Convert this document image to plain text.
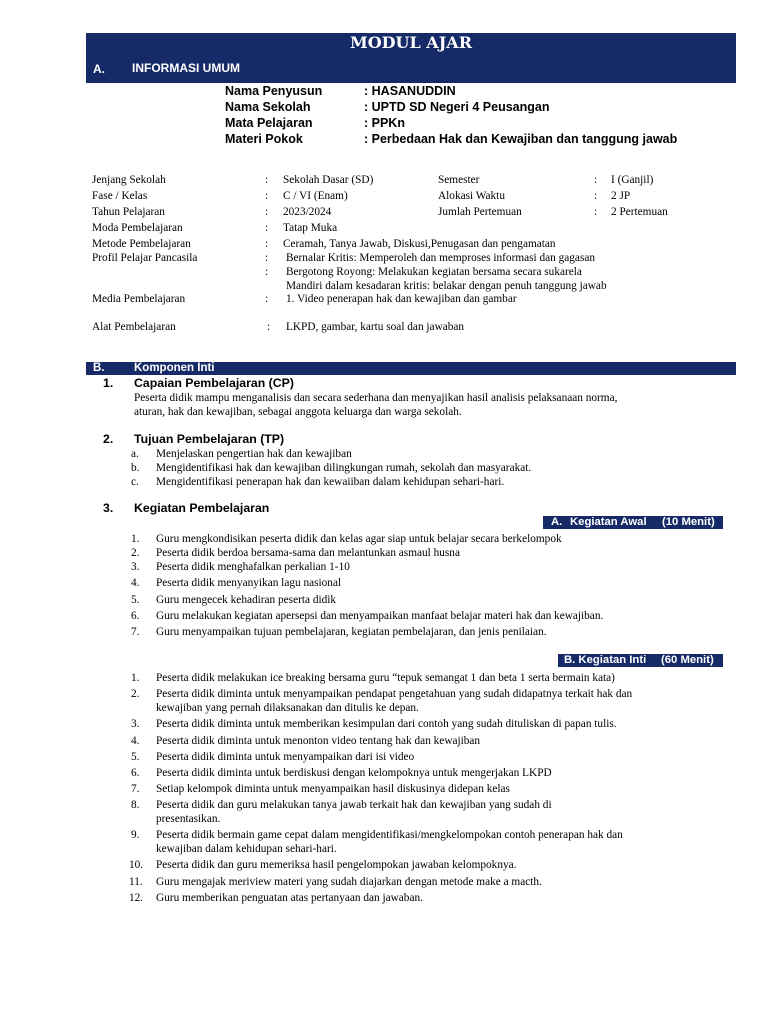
MODUL AJAR
A. INFORMASI UMUM
Nama Penyusun	: HASANUDDIN
Nama Sekolah	: UPTD SD Negeri 4 Peusangan
Mata Pelajaran	: PPKn
Materi Pokok	: Perbedaan Hak dan Kewajiban dan tanggung jawab
Jenjang Sekolah	: Sekolah Dasar (SD)	Semester	: I (Ganjil)
Fase / Kelas	: C / VI (Enam)	Alokasi Waktu	: 2 JP
Tahun Pelajaran	: 2023/2024	Jumlah Pertemuan	: 2 Pertemuan
Moda Pembelajaran	: Tatap Muka
Metode Pembelajaran	: Ceramah, Tanya Jawab, Diskusi,Penugasan dan pengamatan
Profil Pelajar Pancasila	: Bernalar Kritis: Memperoleh dan memproses informasi dan gagasan
: Bergotong Royong: Melakukan kegiatan bersama secara sukarela
Mandiri dalam kesadaran kritis: belakar dengan penuh tanggung jawab
Media Pembelajaran	: 1. Video penerapan hak dan kewajiban dan gambar
Alat Pembelajaran	: LKPD, gambar, kartu soal dan jawaban
B.	Komponen Inti
1. Capaian Pembelajaran (CP)
Peserta didik mampu menganalisis dan secara sederhana dan menyajikan hasil analisis pelaksanaan norma,
aturan, hak dan kewajiban, sebagai anggota keluarga dan warga sekolah.
2. Tujuan Pembelajaran (TP)
a.	Menjelaskan pengertian hak dan kewajiban
b.	Mengidentifikasi hak dan kewajiban dilingkungan rumah, sekolah dan masyarakat.
c.	Mengidentifikasi penerapan hak dan kewaiiban dalam kehidupan sehari-hari.
3. Kegiatan Pembelajaran
A. Kegiatan Awal (10 Menit)
1.	Guru mengkondisikan peserta didik dan kelas agar siap untuk belajar secara berkelompok
2.	Peserta didik berdoa bersama-sama dan melantunkan asmaul husna
3.	Peserta didik menghafalkan perkalian 1-10
4.	Peserta didik menyanyikan lagu nasional
5.	Guru mengecek kehadiran peserta didik
6.	Guru melakukan kegiatan apersepsi dan menyampaikan manfaat belajar materi hak dan kewajiban.
7.	Guru menyampaikan tujuan pembelajaran, kegiatan pembelajaran, dan jenis penilaian.
B. Kegiatan Inti (60 Menit)
1.	Peserta didik melakukan ice breaking bersama guru “tepuk semangat 1 dan beta 1 serta bermain kata)
2.	Peserta didik diminta untuk menyampaikan pendapat pengetahuan yang sudah didapatnya terkait hak dan
kewajiban yang pernah dilaksanakan dan ditulis ke depan.
3.	Peserta didik diminta untuk memberikan kesimpulan dari contoh yang sudah dituliskan di papan tulis.
4.	Peserta didik diminta untuk menonton video tentang hak dan kewajiban
5.	Peserta didik diminta untuk menyampaikan dari isi video
6.	Peserta didik diminta untuk berdiskusi dengan kelompoknya untuk mengerjakan LKPD
7.	Setiap kelompok diminta untuk menyampaikan hasil diskusinya didepan kelas
8.	Peserta didik dan guru melakukan tanya jawab terkait hak dan kewajiban yang sudah di
presentasikan.
9.	Peserta didik bermain game cepat dalam mengidentifikasi/mengkelompokan contoh penerapan hak dan
kewajiban dalam kehidupan sehari-hari.
10.	Peserta didik dan guru memeriksa hasil pengelompokan jawaban kelompoknya.
11.	Guru mengajak meriview materi yang sudah diajarkan dengan metode make a macth.
12.	Guru memberikan penguatan atas pertanyaan dan jawaban.
